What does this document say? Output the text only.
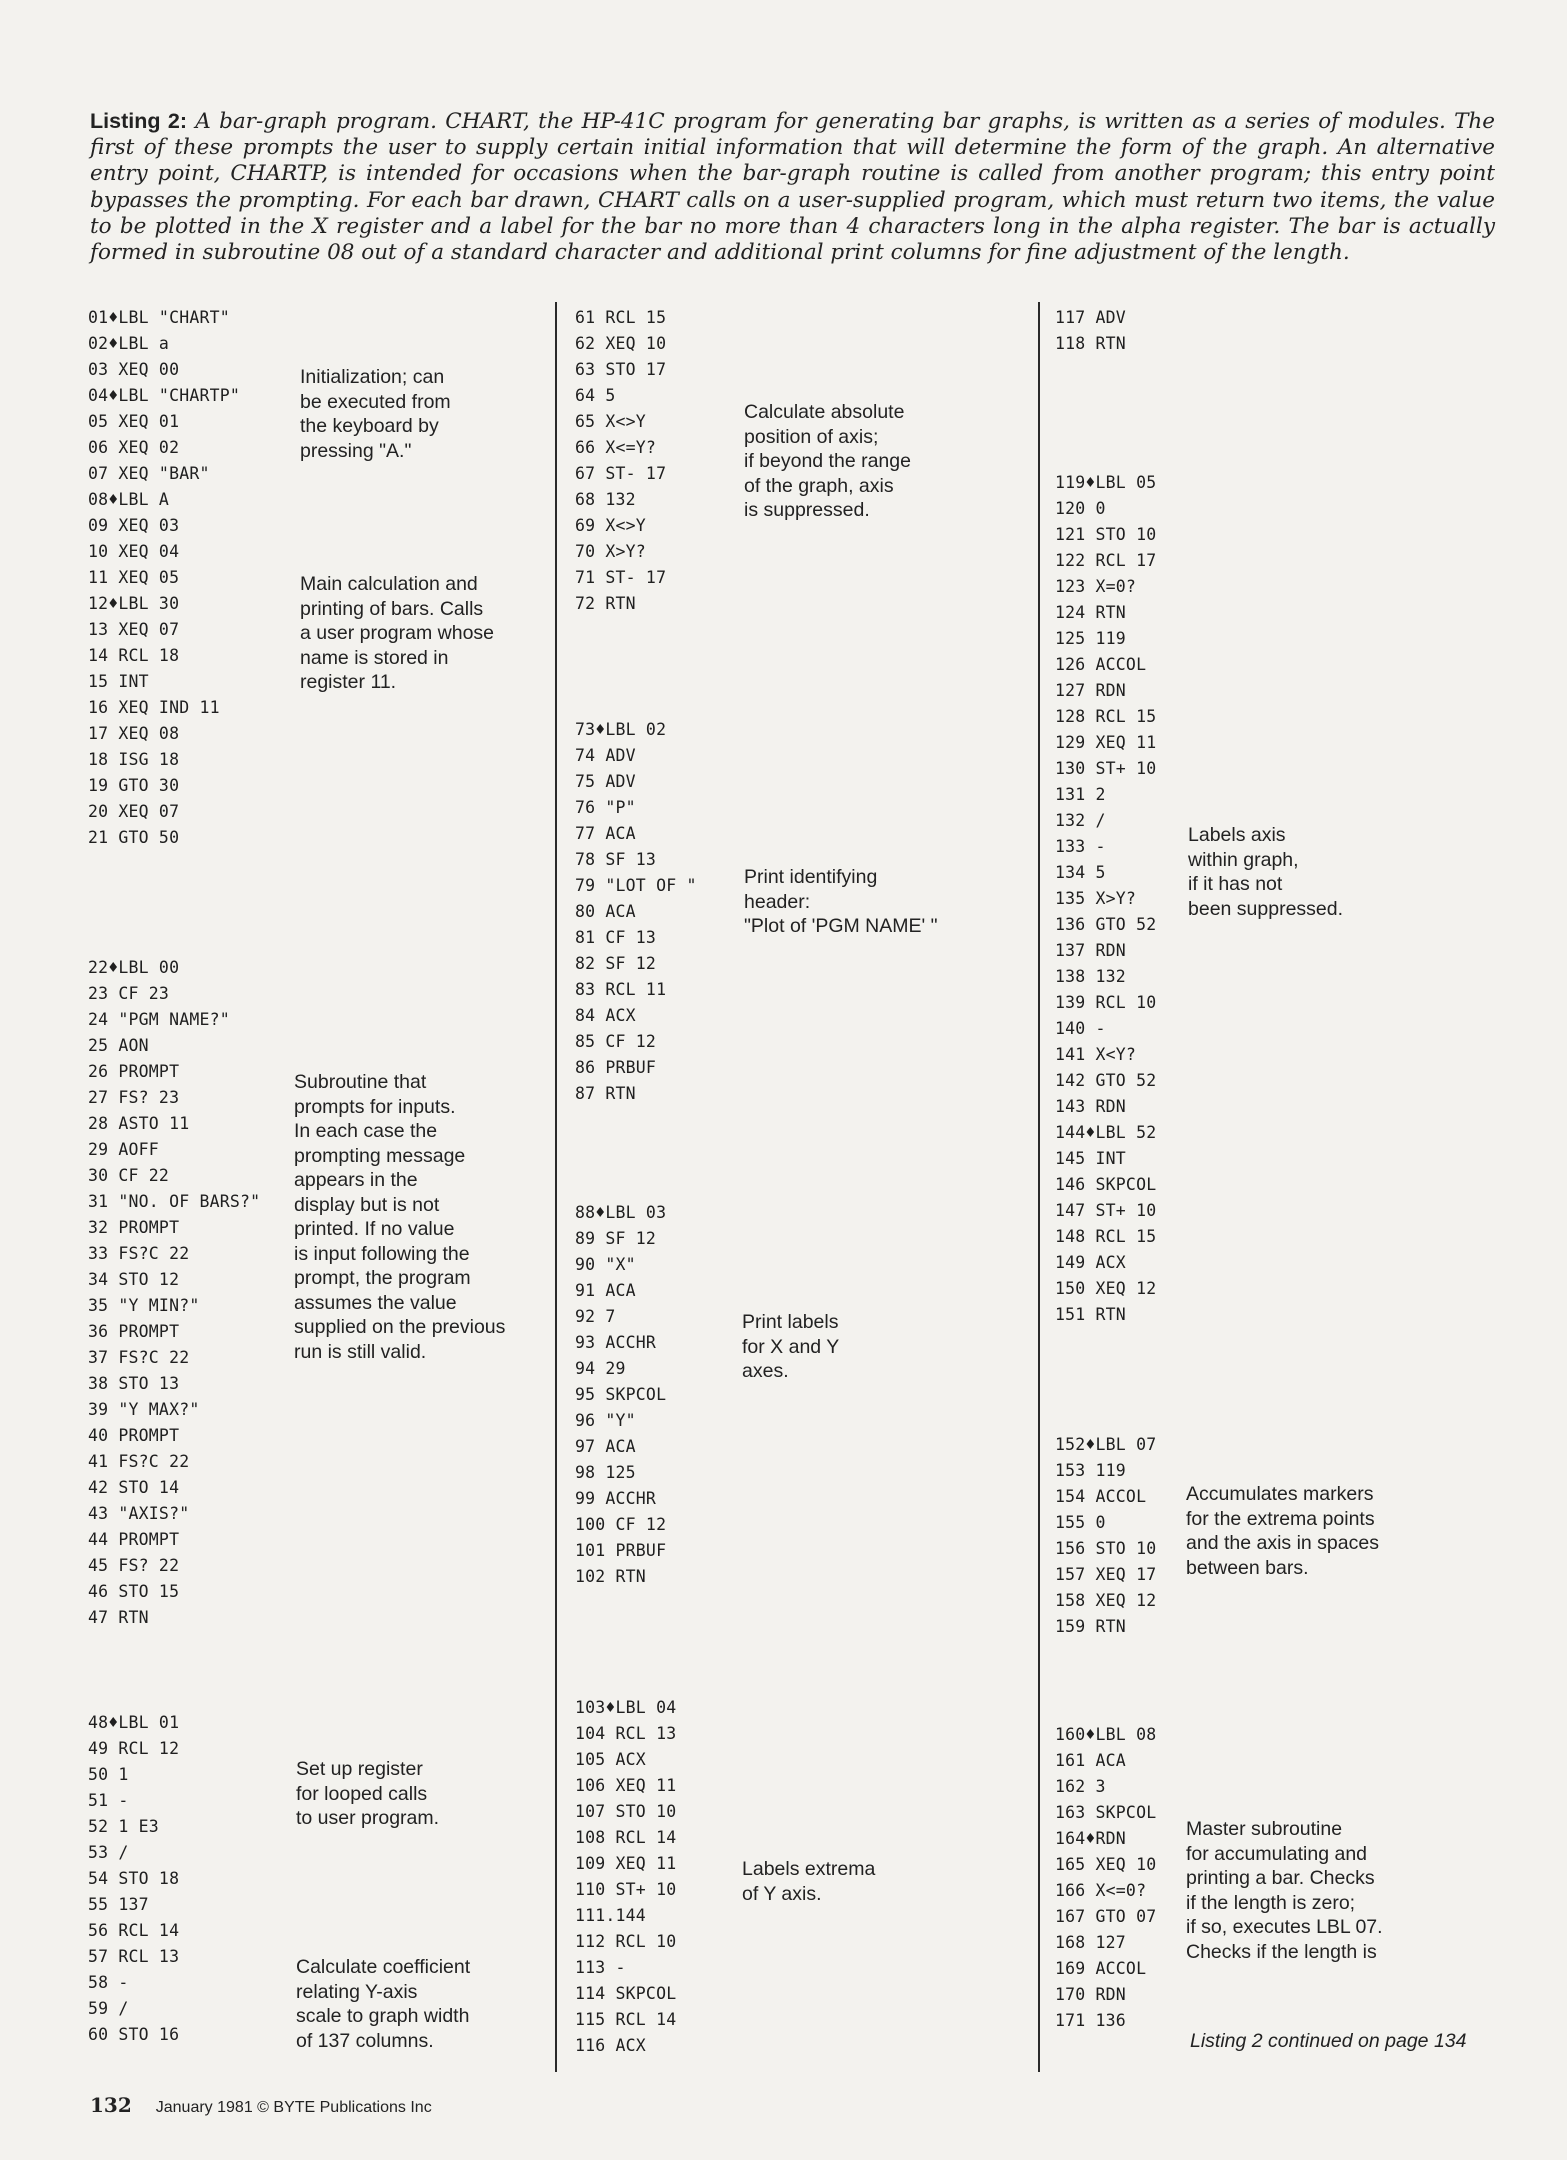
Listing 2: A bar-graph program. CHART, the HP-41C program for generating bar graphs, is written as a series of modules. The first of these prompts the user to supply certain initial information that will determine the form of the graph. An alternative entry point, CHARTP, is intended for occasions when the bar-graph routine is called from another program; this entry point bypasses the prompting. For each bar drawn, CHART calls on a user-supplied program, which must return two items, the value to be plotted in the X register and a label for the bar no more than 4 characters long in the alpha register. The bar is actually formed in subroutine 08 out of a standard character and additional print columns for fine adjustment of the length.
01♦LBL "CHART"
02♦LBL a
03 XEQ 00
04♦LBL "CHARTP"
05 XEQ 01
06 XEQ 02
07 XEQ "BAR"
08♦LBL A
09 XEQ 03
10 XEQ 04
11 XEQ 05
12♦LBL 30
13 XEQ 07
14 RCL 18
15 INT
16 XEQ IND 11
17 XEQ 08
18 ISG 18
19 GTO 30
20 XEQ 07
21 GTO 50
22♦LBL 00
23 CF 23
24 "PGM NAME?"
25 AON
26 PROMPT
27 FS? 23
28 ASTO 11
29 AOFF
30 CF 22
31 "NO. OF BARS?"
32 PROMPT
33 FS?C 22
34 STO 12
35 "Y MIN?"
36 PROMPT
37 FS?C 22
38 STO 13
39 "Y MAX?"
40 PROMPT
41 FS?C 22
42 STO 14
43 "AXIS?"
44 PROMPT
45 FS? 22
46 STO 15
47 RTN
48♦LBL 01
49 RCL 12
50 1
51 -
52 1 E3
53 /
54 STO 18
55 137
56 RCL 14
57 RCL 13
58 -
59 /
60 STO 16
Initialization; can
be executed from
the keyboard by
pressing "A."
Main calculation and
printing of bars. Calls
a user program whose
name is stored in
register 11.
Subroutine that
prompts for inputs.
In each case the
prompting message
appears in the
display but is not
printed. If no value
is input following the
prompt, the program
assumes the value
supplied on the previous
run is still valid.
Set up register
for looped calls
to user program.
Calculate coefficient
relating Y-axis
scale to graph width
of 137 columns.
61 RCL 15
62 XEQ 10
63 STO 17
64 5
65 X<>Y
66 X<=Y?
67 ST- 17
68 132
69 X<>Y
70 X>Y?
71 ST- 17
72 RTN
73♦LBL 02
74 ADV
75 ADV
76 "P"
77 ACA
78 SF 13
79 "LOT OF "
80 ACA
81 CF 13
82 SF 12
83 RCL 11
84 ACX
85 CF 12
86 PRBUF
87 RTN
88♦LBL 03
89 SF 12
90 "X"
91 ACA
92 7
93 ACCHR
94 29
95 SKPCOL
96 "Y"
97 ACA
98 125
99 ACCHR
100 CF 12
101 PRBUF
102 RTN
103♦LBL 04
104 RCL 13
105 ACX
106 XEQ 11
107 STO 10
108 RCL 14
109 XEQ 11
110 ST+ 10
111.144
112 RCL 10
113 -
114 SKPCOL
115 RCL 14
116 ACX
Calculate absolute
position of axis;
if beyond the range
of the graph, axis
is suppressed.
Print identifying
header:
"Plot of 'PGM NAME' "
Print labels
for X and Y
axes.
Labels extrema
of Y axis.
117 ADV
118 RTN
119♦LBL 05
120 0
121 STO 10
122 RCL 17
123 X=0?
124 RTN
125 119
126 ACCOL
127 RDN
128 RCL 15
129 XEQ 11
130 ST+ 10
131 2
132 /
133 -
134 5
135 X>Y?
136 GTO 52
137 RDN
138 132
139 RCL 10
140 -
141 X<Y?
142 GTO 52
143 RDN
144♦LBL 52
145 INT
146 SKPCOL
147 ST+ 10
148 RCL 15
149 ACX
150 XEQ 12
151 RTN
152♦LBL 07
153 119
154 ACCOL
155 0
156 STO 10
157 XEQ 17
158 XEQ 12
159 RTN
160♦LBL 08
161 ACA
162 3
163 SKPCOL
164♦RDN
165 XEQ 10
166 X<=0?
167 GTO 07
168 127
169 ACCOL
170 RDN
171 136
Labels axis
within graph,
if it has not
been suppressed.
Accumulates markers
for the extrema points
and the axis in spaces
between bars.
Master subroutine
for accumulating and
printing a bar. Checks
if the length is zero;
if so, executes LBL 07.
Checks if the length is
Listing 2 continued on page 134
132 January 1981 © BYTE Publications Inc
